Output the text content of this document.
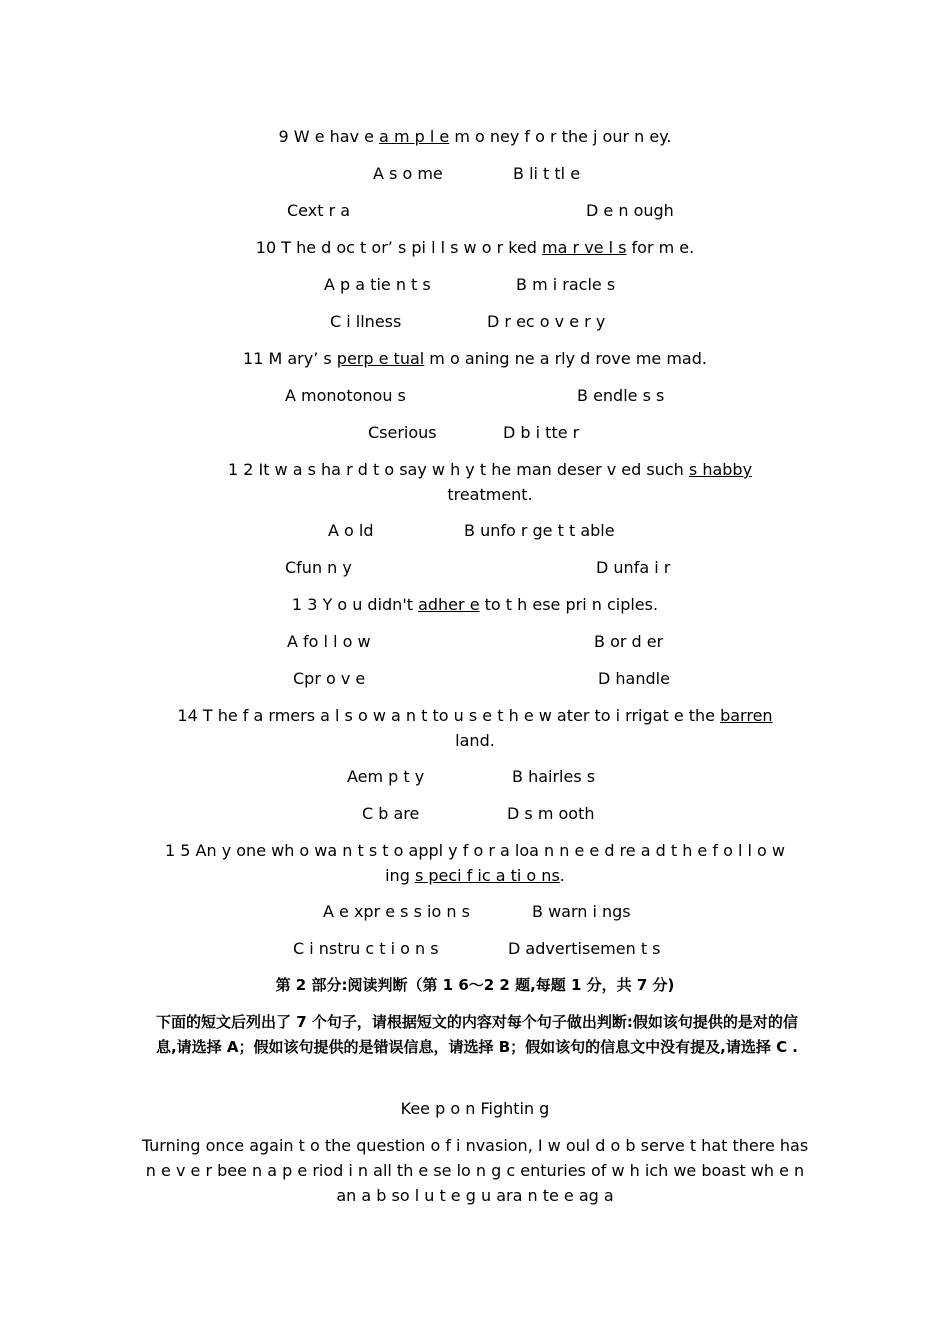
9 W e hav e a m p l e m o ney f o r the j our n ey.
A s o me	B li t tl e
Cext r a	D e n ough
10 T he d oc t or’ s pi l l s w o r ked ma r ve l s for m e.
A p a tie n t s	B m i racle s
C i llness	D r ec o v e r y
11 M ary’ s perp e tual m o aning ne a rly d rove me mad.
A monotonou s	B endle s s
Cserious	D b i tte r
1 2 It w a s ha r d t o say w h y t he man deser v ed such s habby treatment.
A o ld	B unfo r ge t t able
Cfun n y	D unfa i r
1 3 Y o u didn't adher e to t h ese pri n ciples.
A fo l l o w	B or d er
Cpr o v e	D handle
14 T he f a rmers a l s o w a n t to u s e t h e w ater to i rrigat e the barren land.
Aem p t y	B hairles s
C b are	D s m ooth
1 5 An y one wh o wa n t s t o appl y f o r a loa n n e e d re a d t h e f o l l o w ing s peci f ic a ti o ns.
A e xpr e s s io n s	B warn i ngs
C i nstru c t i o n s	D advertisemen t s
第 2 部分:阅读判断（第 1 6～2 2 题,每题 1 分，共 7 分)
下面的短文后列出了 7 个句子，请根据短文的内容对每个句子做出判断:假如该句提供的是对的信息,请选择 A；假如该句提供的是错误信息，请选择 B；假如该句的信息文中没有提及,请选择 C .
Kee p o n Fightin g
Turning once again t o the question o f i nvasion, I w oul d o b serve t hat there has n e v e r bee n a p e riod i n all th e se lo n g c enturies of w h ich we boast wh e n an a b so l u t e g u ara n te e ag a
